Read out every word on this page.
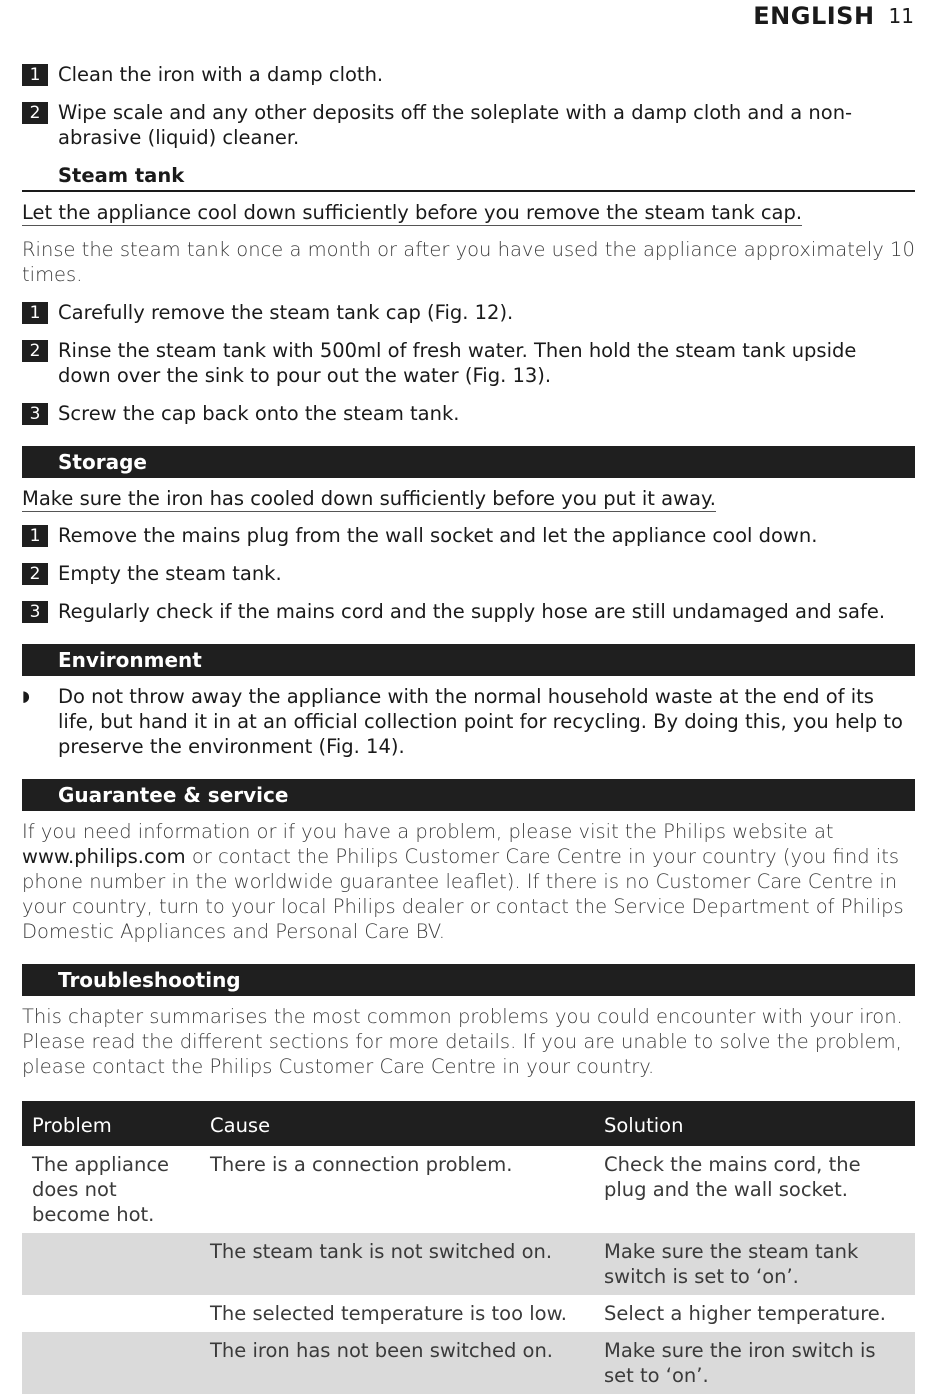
ENGLISH 11
1 Clean the iron with a damp cloth.
2 Wipe scale and any other deposits off the soleplate with a damp cloth and a non-abrasive (liquid) cleaner.
Steam tank
Let the appliance cool down sufficiently before you remove the steam tank cap.
Rinse the steam tank once a month or after you have used the appliance approximately 10 times.
1 Carefully remove the steam tank cap (Fig. 12).
2 Rinse the steam tank with 500ml of fresh water. Then hold the steam tank upside down over the sink to pour out the water (Fig. 13).
3 Screw the cap back onto the steam tank.
Storage
Make sure the iron has cooled down sufficiently before you put it away.
1 Remove the mains plug from the wall socket and let the appliance cool down.
2 Empty the steam tank.
3 Regularly check if the mains cord and the supply hose are still undamaged and safe.
Environment
◗	Do not throw away the appliance with the normal household waste at the end of its life, but hand it in at an official collection point for recycling. By doing this, you help to preserve the environment (Fig. 14).
Guarantee & service
If you need information or if you have a problem, please visit the Philips website at www.philips.com or contact the Philips Customer Care Centre in your country (you find its phone number in the worldwide guarantee leaflet). If there is no Customer Care Centre in your country, turn to your local Philips dealer or contact the Service Department of Philips Domestic Appliances and Personal Care BV.
Troubleshooting
This chapter summarises the most common problems you could encounter with your iron. Please read the different sections for more details. If you are unable to solve the problem, please contact the Philips Customer Care Centre in your country.
Problem	Cause	Solution
The appliance does not become hot.	There is a connection problem.	Check the mains cord, the plug and the wall socket.
	The steam tank is not switched on.	Make sure the steam tank switch is set to ‘on’.
	The selected temperature is too low.	Select a higher temperature.
	The iron has not been switched on.	Make sure the iron switch is set to ‘on’.
